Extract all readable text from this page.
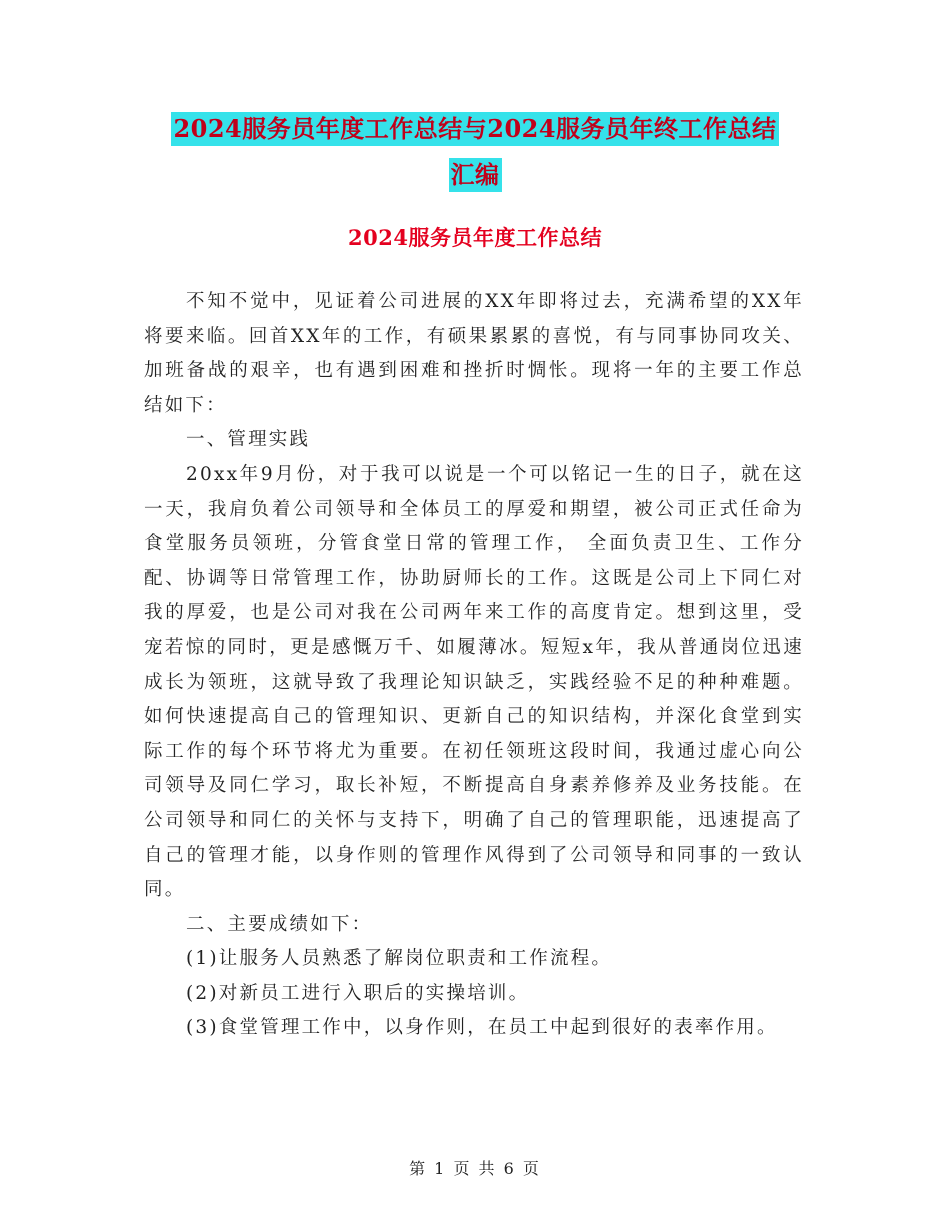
2024服务员年度工作总结与2024服务员年终工作总结
汇编
2024服务员年度工作总结

不知不觉中，见证着公司进展的XX年即将过去，充满希望的XX年将要来临。回首XX年的工作，有硕果累累的喜悦，有与同事协同攻关、加班备战的艰辛，也有遇到困难和挫折时惆怅。现将一年的主要工作总结如下：

一、管理实践

20xx年9月份，对于我可以说是一个可以铭记一生的日子，就在这一天，我肩负着公司领导和全体员工的厚爱和期望，被公司正式任命为食堂服务员领班，分管食堂日常的管理工作， 全面负责卫生、工作分配、协调等日常管理工作，协助厨师长的工作。这既是公司上下同仁对我的厚爱，也是公司对我在公司两年来工作的高度肯定。想到这里，受宠若惊的同时，更是感慨万千、如履薄冰。短短x年，我从普通岗位迅速成长为领班，这就导致了我理论知识缺乏，实践经验不足的种种难题。如何快速提高自己的管理知识、更新自己的知识结构，并深化食堂到实际工作的每个环节将尤为重要。在初任领班这段时间，我通过虚心向公司领导及同仁学习，取长补短，不断提高自身素养修养及业务技能。在公司领导和同仁的关怀与支持下，明确了自己的管理职能，迅速提高了自己的管理才能，以身作则的管理作风得到了公司领导和同事的一致认同。

二、主要成绩如下：

(1)让服务人员熟悉了解岗位职责和工作流程。

(2)对新员工进行入职后的实操培训。

(3)食堂管理工作中，以身作则，在员工中起到很好的表率作用。

第 1 页 共 6 页
